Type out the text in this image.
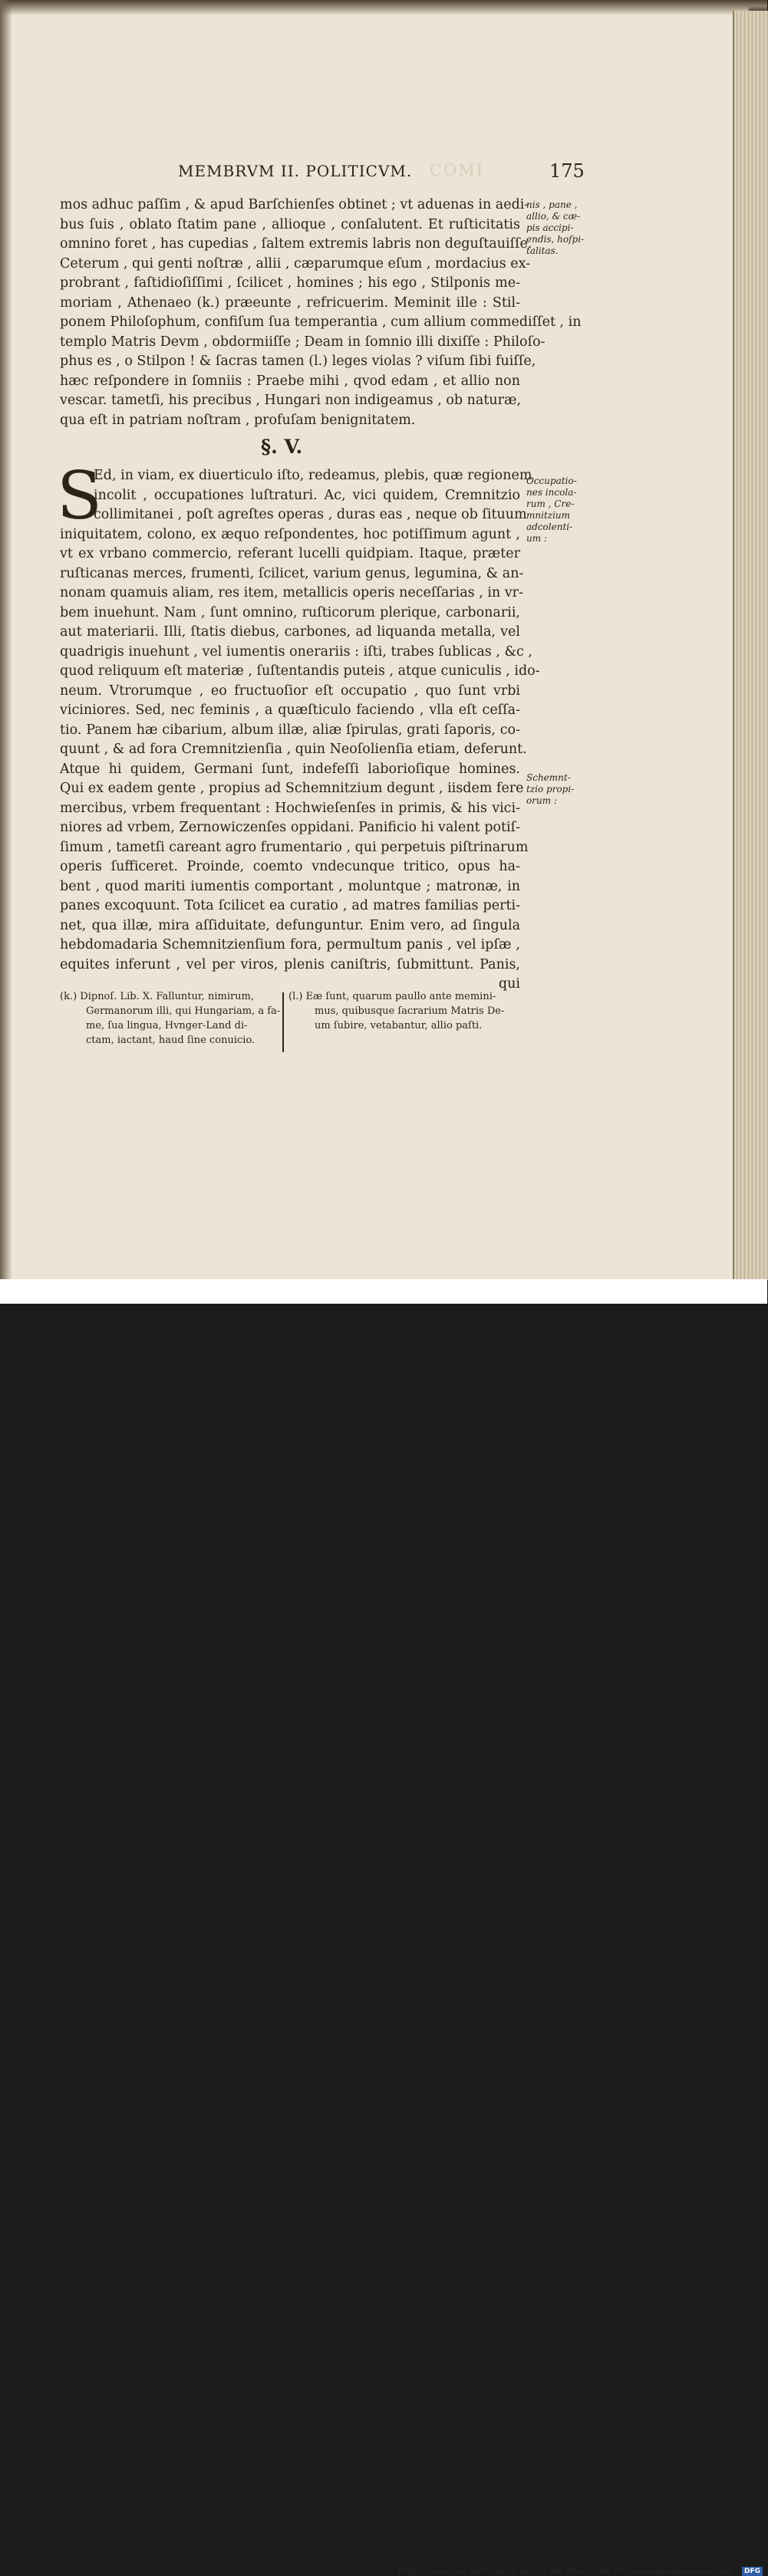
COMI
MEMBRVM II. POLITICVM.	175
mos adhuc paſſim , & apud Barſchienſes obtinet ; vt aduenas in aedi-
bus ſuis , oblato ſtatim pane , allioque , conſalutent. Et ruſticitatis
omnino foret , has cupedias , ſaltem extremis labris non deguſtauiſſe.
Ceterum , qui genti noſtræ , allii , cæparumque eſum , mordacius ex-
probrant , faſtidioſiſſimi , ſcilicet , homines ; his ego , Stilponis me-
moriam , Athenaeo (k.) præeunte , refricuerim. Meminit ille : Stil-
ponem Philoſophum, confiſum ſua temperantia , cum allium commediſſet , in
templo Matris Devm , obdormiiſſe ; Deam in ſomnio illi dixiſſe : Philoſo-
phus es , o Stilpon ! & ſacras tamen (l.) leges violas ? viſum ſibi fuiſſe,
hæc reſpondere in ſomniis : Praebe mihi , qvod edam , et allio non
vescar. tametſi, his precibus , Hungari non indigeamus , ob naturæ,
qua eſt in patriam noſtram , profuſam benignitatem.
§. V.
S
Ed, in viam, ex diuerticulo iſto, redeamus, plebis, quæ regionem
incolit , occupationes luſtraturi. Ac, vici quidem, Cremnitzio
collimitanei , poſt agreſtes operas , duras eas , neque ob ſituum
iniquitatem, colono, ex æquo reſpondentes, hoc potiſſimum agunt ,
vt ex vrbano commercio, referant lucelli quidpiam. Itaque, præter
ruſticanas merces, frumenti, ſcilicet, varium genus, legumina, & an-
nonam quamuis aliam, res item, metallicis operis neceſſarias , in vr-
bem inuehunt. Nam , ſunt omnino, ruſticorum plerique, carbonarii,
aut materiarii. Illi, ſtatis diebus, carbones, ad liquanda metalla, vel
quadrigis inuehunt , vel iumentis onerariis : iſti, trabes ſublicas , &c ,
quod reliquum eſt materiæ , ſuſtentandis puteis , atque cuniculis , ido-
neum. Vtrorumque , eo fructuoſior eſt occupatio , quo ſunt vrbi
viciniores. Sed, nec feminis , a quæſticulo faciendo , vlla eſt ceſſa-
tio. Panem hæ cibarium, album illæ, aliæ ſpirulas, grati ſaporis, co-
quunt , & ad fora Cremnitzienſia , quin Neoſolienſia etiam, deferunt.
Atque hi quidem, Germani ſunt, indefeſſi laborioſique homines.
Qui ex eadem gente , propius ad Schemnitzium degunt , iisdem fere
mercibus, vrbem frequentant : Hochwieſenſes in primis, & his vici-
niores ad vrbem, Zernowiczenſes oppidani. Panificio hi valent potiſ-
ſimum , tametſi careant agro frumentario , qui perpetuis piſtrinarum
operis ſufficeret. Proinde, coemto vndecunque tritico, opus ha-
bent , quod mariti iumentis comportant , moluntque ; matronæ, in
panes excoquunt. Tota ſcilicet ea curatio , ad matres familias perti-
net, qua illæ, mira aſſiduitate, defunguntur. Enim vero, ad ſingula
hebdomadaria Schemnitzienſium fora, permultum panis , vel ipſæ ,
equites inferunt , vel per viros, plenis caniſtris, ſubmittunt. Panis,
qui
nis , pane ,
allio, & cæ-
pis accipi-
endis, hoſpi-
talitas.
Occupatio-
nes incola-
rum , Cre-
mnitzium
adcolenti-
um :
Schemnt-
tzio propi-
orum :
(k.) Dipnoſ. Lib. X. Falluntur, nimirum,
Germanorum illi, qui Hungariam, a fa-
me, ſua lingua, Hvnger-Land di-
ctam, iactant, haud ſine conuicio.
(l.) Eæ ſunt, quarum paullo ante memini-
mus, quibusque ſacrarium Matris De-
um ſubire, vetabantur, allio paſti.
Digitalisierung gefördert durch die Deutsche Forschungsgemeinschaft - DFG
